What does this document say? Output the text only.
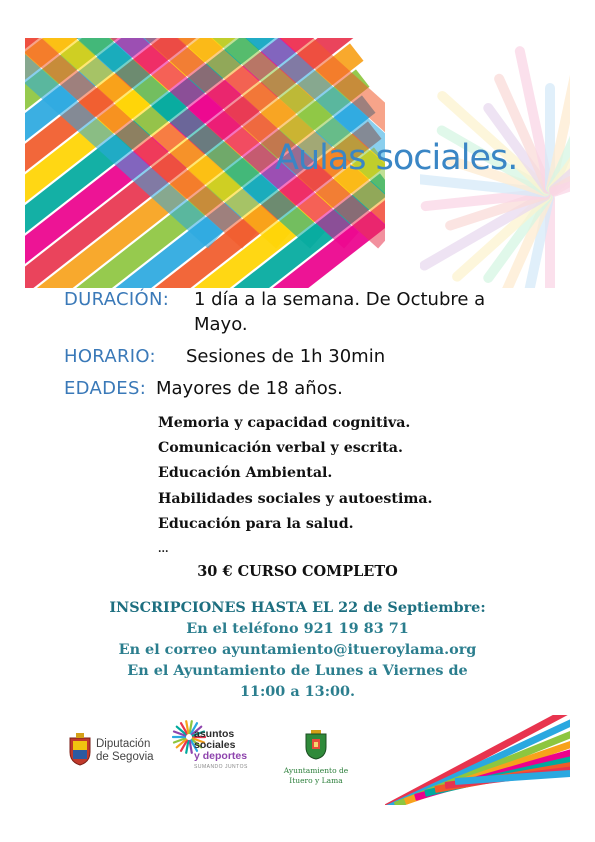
Aulas sociales.
DURACIÓN: 1 día a la semana. De Octubre a
Mayo.
HORARIO: Sesiones de 1h 30min
EDADES: Mayores de 18 años.
Memoria y capacidad cognitiva.
Comunicación verbal y escrita.
Educación Ambiental.
Habilidades sociales y autoestima.
Educación para la salud.
...
30 € CURSO COMPLETO
INSCRIPCIONES HASTA EL 22 de Septiembre:
En el teléfono 921 19 83 71
En el correo ayuntamiento@itueroylama.org
En el Ayuntamiento de Lunes a Viernes de
11:00 a 13:00.
Diputación
de Segovia
asuntos
sociales
y deportes
SUMANDO JUNTOS	Ayuntamiento de
Ituero y Lama
